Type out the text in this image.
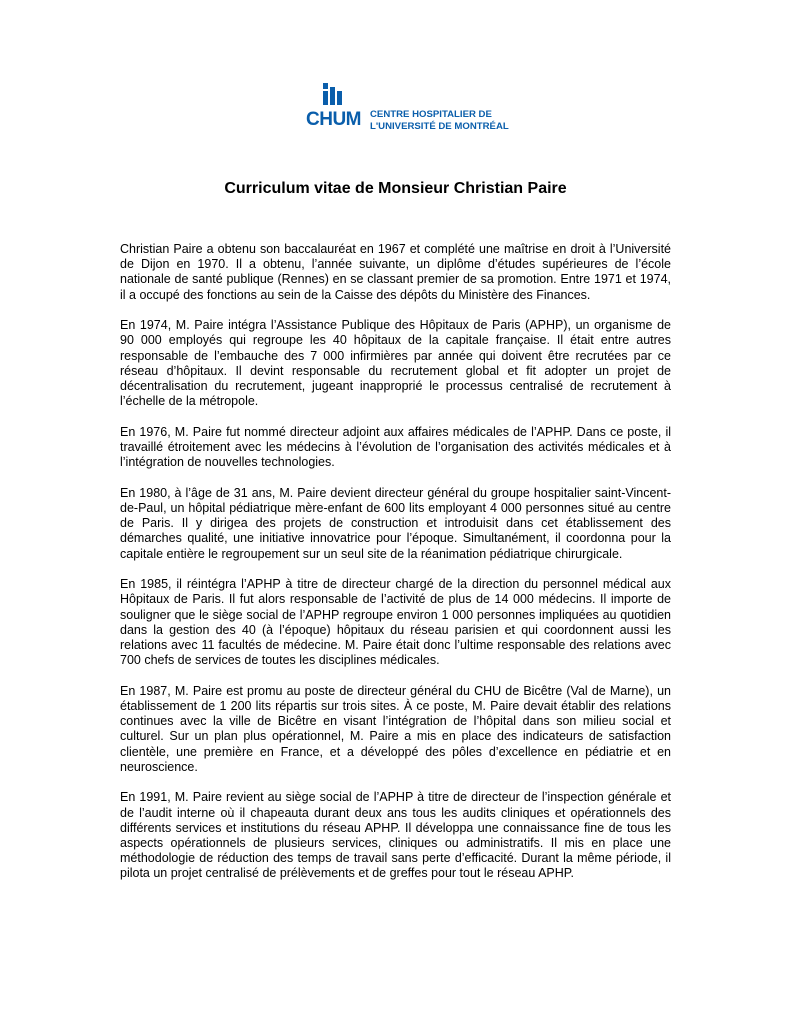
CHUM CENTRE HOSPITALIER DE
L'UNIVERSITÉ DE MONTRÉAL
Curriculum vitae de Monsieur Christian Paire

Christian Paire a obtenu son baccalauréat en 1967 et complété une maîtrise en droit à l’Université de Dijon en 1970. Il a obtenu, l’année suivante, un diplôme d’études supérieures de l’école nationale de santé publique (Rennes) en se classant premier de sa promotion. Entre 1971 et 1974, il a occupé des fonctions au sein de la Caisse des dépôts du Ministère des Finances.

En 1974, M. Paire intégra l’Assistance Publique des Hôpitaux de Paris (APHP), un organisme de 90 000 employés qui regroupe les 40 hôpitaux de la capitale française. Il était entre autres responsable de l’embauche des 7 000 infirmières par année qui doivent être recrutées par ce réseau d’hôpitaux. Il devint responsable du recrutement global et fit adopter un projet de décentralisation du recrutement, jugeant inapproprié le processus centralisé de recrutement à l’échelle de la métropole.

En 1976, M. Paire fut nommé directeur adjoint aux affaires médicales de l’APHP. Dans ce poste, il travaillé étroitement avec les médecins à l’évolution de l’organisation des activités médicales et à l’intégration de nouvelles technologies.

En 1980, à l’âge de 31 ans, M. Paire devient directeur général du groupe hospitalier saint-Vincent-de-Paul, un hôpital pédiatrique mère-enfant de 600 lits employant 4 000 personnes situé au centre de Paris. Il y dirigea des projets de construction et introduisit dans cet établissement des démarches qualité, une initiative innovatrice pour l’époque. Simultanément, il coordonna pour la capitale entière le regroupement sur un seul site de la réanimation pédiatrique chirurgicale.

En 1985, il réintégra l’APHP à titre de directeur chargé de la direction du personnel médical aux Hôpitaux de Paris. Il fut alors responsable de l’activité de plus de 14 000 médecins. Il importe de souligner que le siège social de l’APHP regroupe environ 1 000 personnes impliquées au quotidien dans la gestion des 40 (à l’époque) hôpitaux du réseau parisien et qui coordonnent aussi les relations avec 11 facultés de médecine. M. Paire était donc l’ultime responsable des relations avec 700 chefs de services de toutes les disciplines médicales.

En 1987, M. Paire est promu au poste de directeur général du CHU de Bicêtre (Val de Marne), un établissement de 1 200 lits répartis sur trois sites. À ce poste, M. Paire devait établir des relations continues avec la ville de Bicêtre en visant l’intégration de l’hôpital dans son milieu social et culturel. Sur un plan plus opérationnel, M. Paire a mis en place des indicateurs de satisfaction clientèle, une première en France, et a développé des pôles d’excellence en pédiatrie et en neuroscience.

En 1991, M. Paire revient au siège social de l’APHP à titre de directeur de l’inspection générale et de l’audit interne où il chapeauta durant deux ans tous les audits cliniques et opérationnels des différents services et institutions du réseau APHP. Il développa une connaissance fine de tous les aspects opérationnels de plusieurs services, cliniques ou administratifs. Il mis en place une méthodologie de réduction des temps de travail sans perte d’efficacité. Durant la même période, il pilota un projet centralisé de prélèvements et de greffes pour tout le réseau APHP.
